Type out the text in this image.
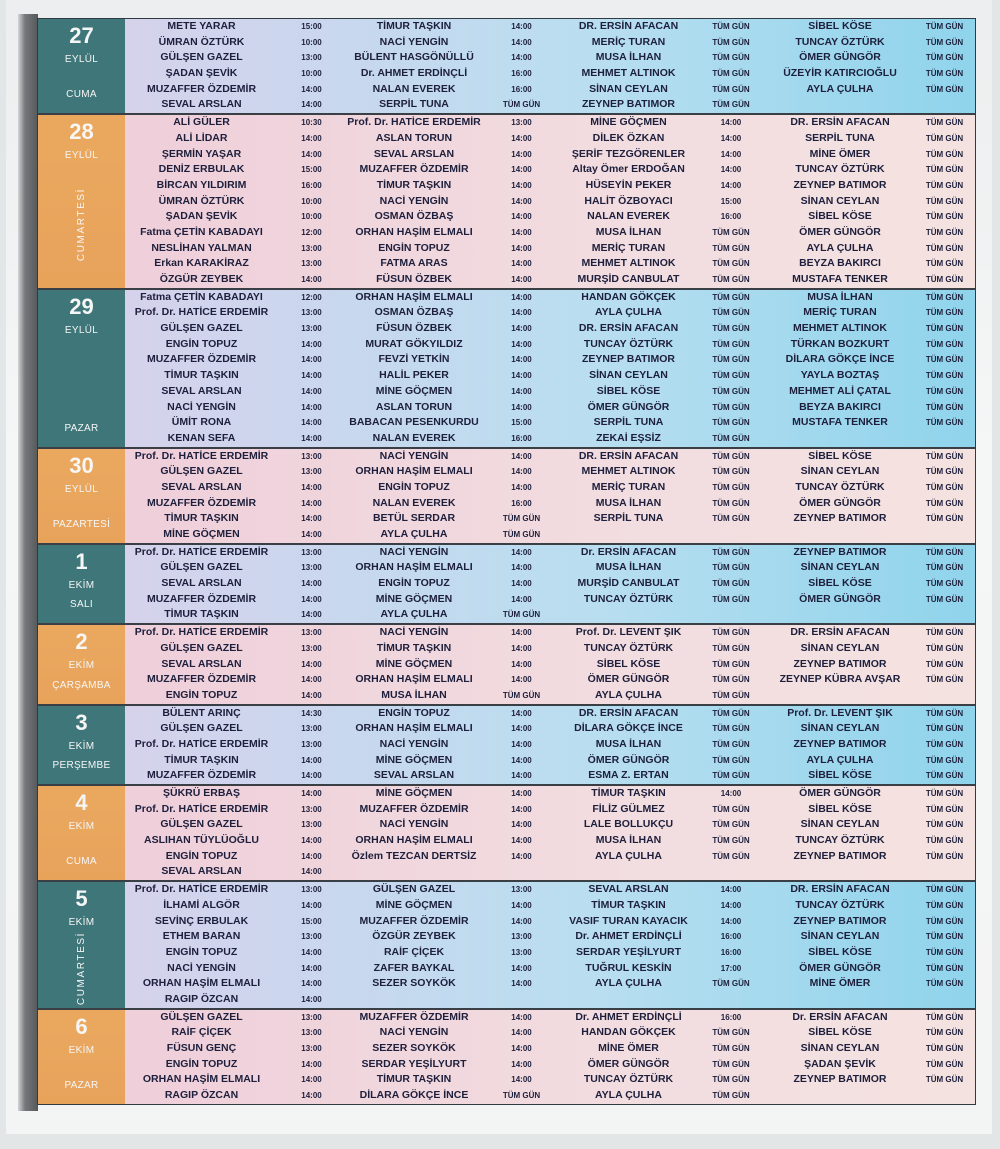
27
EYLÜL
CUMA
METE YARAR	15:00	TİMUR TAŞKIN	14:00	DR. ERSİN AFACAN	TÜM GÜN	SİBEL KÖSE	TÜM GÜN
ÜMRAN ÖZTÜRK	10:00	NACİ YENGİN	14:00	MERİÇ TURAN	TÜM GÜN	TUNCAY ÖZTÜRK	TÜM GÜN
GÜLŞEN GAZEL	13:00	BÜLENT HASGÖNÜLLÜ	14:00	MUSA İLHAN	TÜM GÜN	ÖMER GÜNGÖR	TÜM GÜN
ŞADAN ŞEVİK	10:00	Dr. AHMET ERDİNÇLİ	16:00	MEHMET ALTINOK	TÜM GÜN	ÜZEYİR KATIRCIOĞLU	TÜM GÜN
MUZAFFER ÖZDEMİR	14:00	NALAN EVEREK	16:00	SİNAN CEYLAN	TÜM GÜN	AYLA ÇULHA	TÜM GÜN
SEVAL ARSLAN	14:00	SERPİL TUNA	TÜM GÜN	ZEYNEP BATIMOR	TÜM GÜN
28
EYLÜL
CUMARTESİ
ALİ GÜLER	10:30	Prof. Dr. HATİCE ERDEMİR	13:00	MİNE GÖÇMEN	14:00	DR. ERSİN AFACAN	TÜM GÜN
ALİ LİDAR	14:00	ASLAN TORUN	14:00	DİLEK ÖZKAN	14:00	SERPİL TUNA	TÜM GÜN
ŞERMİN YAŞAR	14:00	SEVAL ARSLAN	14:00	ŞERİF TEZGÖRENLER	14:00	MİNE ÖMER	TÜM GÜN
DENİZ ERBULAK	15:00	MUZAFFER ÖZDEMİR	14:00	Altay Ömer ERDOĞAN	14:00	TUNCAY ÖZTÜRK	TÜM GÜN
BİRCAN YILDIRIM	16:00	TİMUR TAŞKIN	14:00	HÜSEYİN PEKER	14:00	ZEYNEP BATIMOR	TÜM GÜN
ÜMRAN ÖZTÜRK	10:00	NACİ YENGİN	14:00	HALİT ÖZBOYACI	15:00	SİNAN CEYLAN	TÜM GÜN
ŞADAN ŞEVİK	10:00	OSMAN ÖZBAŞ	14:00	NALAN EVEREK	16:00	SİBEL KÖSE	TÜM GÜN
Fatma ÇETİN KABADAYI	12:00	ORHAN HAŞİM ELMALI	14:00	MUSA İLHAN	TÜM GÜN	ÖMER GÜNGÖR	TÜM GÜN
NESLİHAN YALMAN	13:00	ENGİN TOPUZ	14:00	MERİÇ TURAN	TÜM GÜN	AYLA ÇULHA	TÜM GÜN
Erkan KARAKİRAZ	13:00	FATMA ARAS	14:00	MEHMET ALTINOK	TÜM GÜN	BEYZA BAKIRCI	TÜM GÜN
ÖZGÜR ZEYBEK	14:00	FÜSUN ÖZBEK	14:00	MURŞİD CANBULAT	TÜM GÜN	MUSTAFA TENKER	TÜM GÜN
29
EYLÜL
PAZAR
Fatma ÇETİN KABADAYI	12:00	ORHAN HAŞİM ELMALI	14:00	HANDAN GÖKÇEK	TÜM GÜN	MUSA İLHAN	TÜM GÜN
Prof. Dr. HATİCE ERDEMİR	13:00	OSMAN ÖZBAŞ	14:00	AYLA ÇULHA	TÜM GÜN	MERİÇ TURAN	TÜM GÜN
GÜLŞEN GAZEL	13:00	FÜSUN ÖZBEK	14:00	DR. ERSİN AFACAN	TÜM GÜN	MEHMET ALTINOK	TÜM GÜN
ENGİN TOPUZ	14:00	MURAT GÖKYILDIZ	14:00	TUNCAY ÖZTÜRK	TÜM GÜN	TÜRKAN BOZKURT	TÜM GÜN
MUZAFFER ÖZDEMİR	14:00	FEVZİ YETKİN	14:00	ZEYNEP BATIMOR	TÜM GÜN	DİLARA GÖKÇE İNCE	TÜM GÜN
TİMUR TAŞKIN	14:00	HALİL PEKER	14:00	SİNAN CEYLAN	TÜM GÜN	YAYLA BOZTAŞ	TÜM GÜN
SEVAL ARSLAN	14:00	MİNE GÖÇMEN	14:00	SİBEL KÖSE	TÜM GÜN	MEHMET ALİ ÇATAL	TÜM GÜN
NACİ YENGİN	14:00	ASLAN TORUN	14:00	ÖMER GÜNGÖR	TÜM GÜN	BEYZA BAKIRCI	TÜM GÜN
ÜMİT RONA	14:00	BABACAN PESENKURDU	15:00	SERPİL TUNA	TÜM GÜN	MUSTAFA TENKER	TÜM GÜN
KENAN SEFA	14:00	NALAN EVEREK	16:00	ZEKAİ EŞSİZ	TÜM GÜN
30
EYLÜL
PAZARTESİ
Prof. Dr. HATİCE ERDEMİR	13:00	NACİ YENGİN	14:00	DR. ERSİN AFACAN	TÜM GÜN	SİBEL KÖSE	TÜM GÜN
GÜLŞEN GAZEL	13:00	ORHAN HAŞİM ELMALI	14:00	MEHMET ALTINOK	TÜM GÜN	SİNAN CEYLAN	TÜM GÜN
SEVAL ARSLAN	14:00	ENGİN TOPUZ	14:00	MERİÇ TURAN	TÜM GÜN	TUNCAY ÖZTÜRK	TÜM GÜN
MUZAFFER ÖZDEMİR	14:00	NALAN EVEREK	16:00	MUSA İLHAN	TÜM GÜN	ÖMER GÜNGÖR	TÜM GÜN
TİMUR TAŞKIN	14:00	BETÜL SERDAR	TÜM GÜN	SERPİL TUNA	TÜM GÜN	ZEYNEP BATIMOR	TÜM GÜN
MİNE GÖÇMEN	14:00	AYLA ÇULHA	TÜM GÜN
1
EKİM
SALI
Prof. Dr. HATİCE ERDEMİR	13:00	NACİ YENGİN	14:00	Dr. ERSİN AFACAN	TÜM GÜN	ZEYNEP BATIMOR	TÜM GÜN
GÜLŞEN GAZEL	13:00	ORHAN HAŞİM ELMALI	14:00	MUSA İLHAN	TÜM GÜN	SİNAN CEYLAN	TÜM GÜN
SEVAL ARSLAN	14:00	ENGİN TOPUZ	14:00	MURŞİD CANBULAT	TÜM GÜN	SİBEL KÖSE	TÜM GÜN
MUZAFFER ÖZDEMİR	14:00	MİNE GÖÇMEN	14:00	TUNCAY ÖZTÜRK	TÜM GÜN	ÖMER GÜNGÖR	TÜM GÜN
TİMUR TAŞKIN	14:00	AYLA ÇULHA	TÜM GÜN
2
EKİM
ÇARŞAMBA
Prof. Dr. HATİCE ERDEMİR	13:00	NACİ YENGİN	14:00	Prof. Dr. LEVENT ŞIK	TÜM GÜN	DR. ERSİN AFACAN	TÜM GÜN
GÜLŞEN GAZEL	13:00	TİMUR TAŞKIN	14:00	TUNCAY ÖZTÜRK	TÜM GÜN	SİNAN CEYLAN	TÜM GÜN
SEVAL ARSLAN	14:00	MİNE GÖÇMEN	14:00	SİBEL KÖSE	TÜM GÜN	ZEYNEP BATIMOR	TÜM GÜN
MUZAFFER ÖZDEMİR	14:00	ORHAN HAŞİM ELMALI	14:00	ÖMER GÜNGÖR	TÜM GÜN	ZEYNEP KÜBRA AVŞAR	TÜM GÜN
ENGİN TOPUZ	14:00	MUSA İLHAN	TÜM GÜN	AYLA ÇULHA	TÜM GÜN
3
EKİM
PERŞEMBE
BÜLENT ARINÇ	14:30	ENGİN TOPUZ	14:00	DR. ERSİN AFACAN	TÜM GÜN	Prof. Dr. LEVENT ŞIK	TÜM GÜN
GÜLŞEN GAZEL	13:00	ORHAN HAŞİM ELMALI	14:00	DİLARA GÖKÇE İNCE	TÜM GÜN	SİNAN CEYLAN	TÜM GÜN
Prof. Dr. HATİCE ERDEMİR	13:00	NACİ YENGİN	14:00	MUSA İLHAN	TÜM GÜN	ZEYNEP BATIMOR	TÜM GÜN
TİMUR TAŞKIN	14:00	MİNE GÖÇMEN	14:00	ÖMER GÜNGÖR	TÜM GÜN	AYLA ÇULHA	TÜM GÜN
MUZAFFER ÖZDEMİR	14:00	SEVAL ARSLAN	14:00	ESMA Z. ERTAN	TÜM GÜN	SİBEL KÖSE	TÜM GÜN
4
EKİM
CUMA
ŞÜKRÜ ERBAŞ	14:00	MİNE GÖÇMEN	14:00	TİMUR TAŞKIN	14:00	ÖMER GÜNGÖR	TÜM GÜN
Prof. Dr. HATİCE ERDEMİR	13:00	MUZAFFER ÖZDEMİR	14:00	FİLİZ GÜLMEZ	TÜM GÜN	SİBEL KÖSE	TÜM GÜN
GÜLŞEN GAZEL	13:00	NACİ YENGİN	14:00	LALE BOLLUKÇU	TÜM GÜN	SİNAN CEYLAN	TÜM GÜN
ASLIHAN TÜYLÜOĞLU	14:00	ORHAN HAŞİM ELMALI	14:00	MUSA İLHAN	TÜM GÜN	TUNCAY ÖZTÜRK	TÜM GÜN
ENGİN TOPUZ	14:00	Özlem TEZCAN DERTSİZ	14:00	AYLA ÇULHA	TÜM GÜN	ZEYNEP BATIMOR	TÜM GÜN
SEVAL ARSLAN	14:00
5
EKİM
CUMARTESİ
Prof. Dr. HATİCE ERDEMİR	13:00	GÜLŞEN GAZEL	13:00	SEVAL ARSLAN	14:00	DR. ERSİN AFACAN	TÜM GÜN
İLHAMİ ALGÖR	14:00	MİNE GÖÇMEN	14:00	TİMUR TAŞKIN	14:00	TUNCAY ÖZTÜRK	TÜM GÜN
SEVİNÇ ERBULAK	15:00	MUZAFFER ÖZDEMİR	14:00	VASIF TURAN KAYACIK	14:00	ZEYNEP BATIMOR	TÜM GÜN
ETHEM BARAN	13:00	ÖZGÜR ZEYBEK	13:00	Dr. AHMET ERDİNÇLİ	16:00	SİNAN CEYLAN	TÜM GÜN
ENGİN TOPUZ	14:00	RAİF ÇİÇEK	13:00	SERDAR YEŞİLYURT	16:00	SİBEL KÖSE	TÜM GÜN
NACİ YENGİN	14:00	ZAFER BAYKAL	14:00	TUĞRUL KESKİN	17:00	ÖMER GÜNGÖR	TÜM GÜN
ORHAN HAŞİM ELMALI	14:00	SEZER SOYKÖK	14:00	AYLA ÇULHA	TÜM GÜN	MİNE ÖMER	TÜM GÜN
RAGIP ÖZCAN	14:00
6
EKİM
PAZAR
GÜLŞEN GAZEL	13:00	MUZAFFER ÖZDEMİR	14:00	Dr. AHMET ERDİNÇLİ	16:00	Dr. ERSİN AFACAN	TÜM GÜN
RAİF ÇİÇEK	13:00	NACİ YENGİN	14:00	HANDAN GÖKÇEK	TÜM GÜN	SİBEL KÖSE	TÜM GÜN
FÜSUN GENÇ	13:00	SEZER SOYKÖK	14:00	MİNE ÖMER	TÜM GÜN	SİNAN CEYLAN	TÜM GÜN
ENGİN TOPUZ	14:00	SERDAR YEŞİLYURT	14:00	ÖMER GÜNGÖR	TÜM GÜN	ŞADAN ŞEVİK	TÜM GÜN
ORHAN HAŞİM ELMALI	14:00	TİMUR TAŞKIN	14:00	TUNCAY ÖZTÜRK	TÜM GÜN	ZEYNEP BATIMOR	TÜM GÜN
RAGIP ÖZCAN	14:00	DİLARA GÖKÇE İNCE	TÜM GÜN	AYLA ÇULHA	TÜM GÜN
